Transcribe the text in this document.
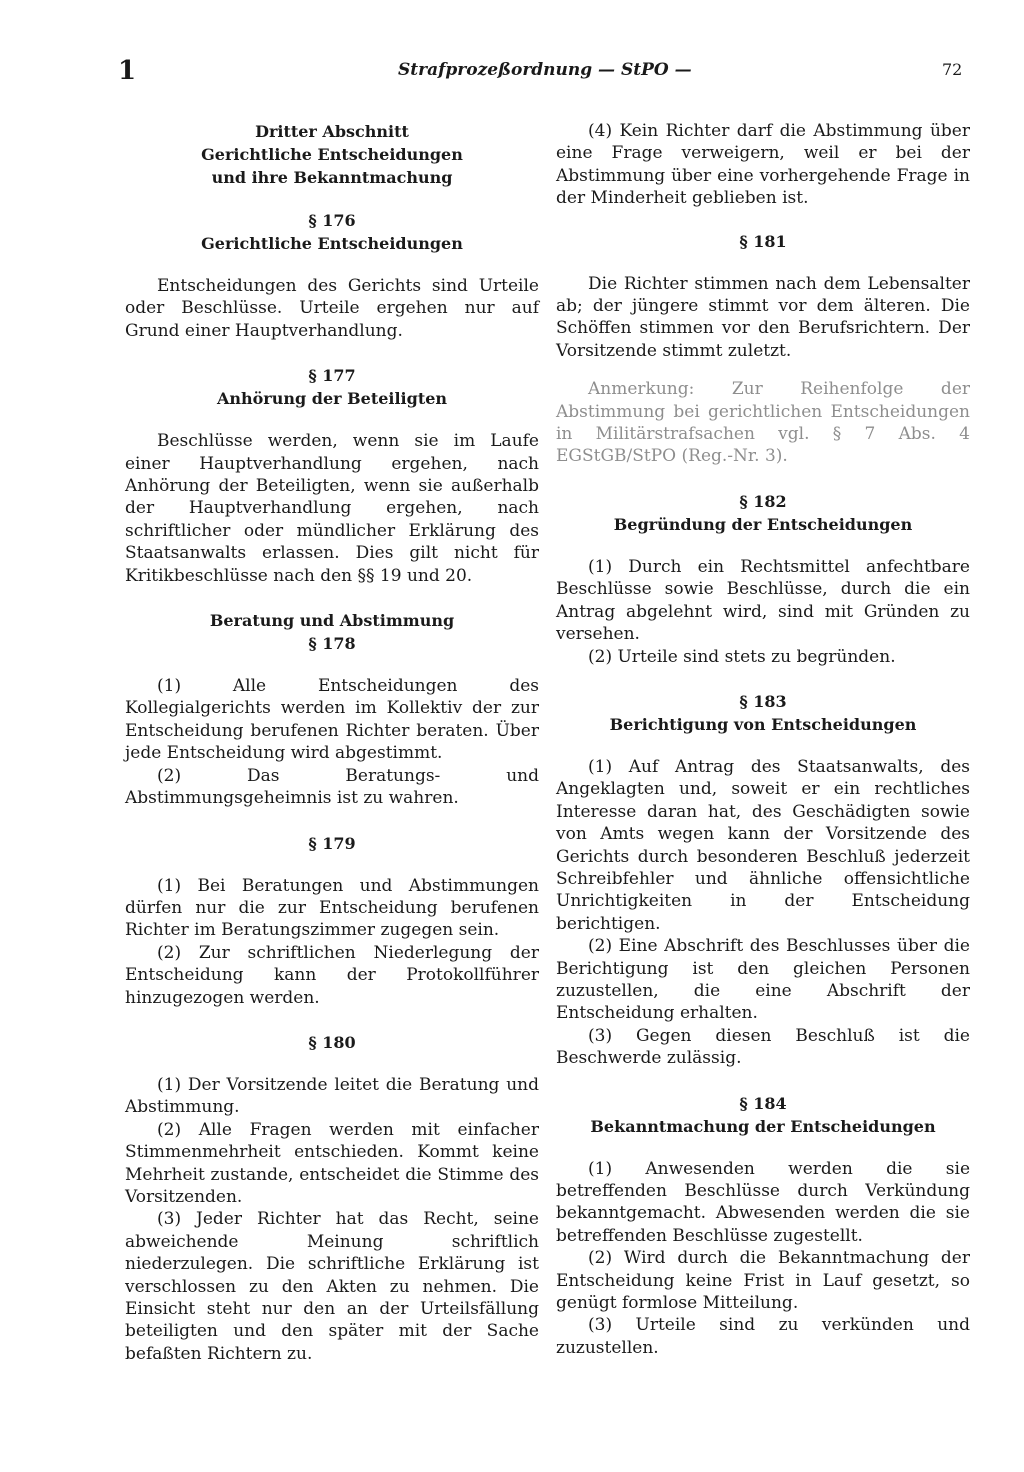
1	Strafprozeßordnung — StPO —	72
Dritter Abschnitt
Gerichtliche Entscheidungen
und ihre Bekanntmachung
§ 176
Gerichtliche Entscheidungen

Entscheidungen des Gerichts sind Urteile oder Beschlüsse. Urteile ergehen nur auf Grund einer Hauptverhandlung.

§ 177
Anhörung der Beteiligten

Beschlüsse werden, wenn sie im Laufe einer Hauptverhandlung ergehen, nach Anhörung der Beteiligten, wenn sie außerhalb der Hauptverhandlung ergehen, nach schriftlicher oder mündlicher Erklärung des Staatsanwalts erlassen. Dies gilt nicht für Kritikbeschlüsse nach den §§ 19 und 20.

Beratung und Abstimmung
§ 178

(1) Alle Entscheidungen des Kollegialgerichts werden im Kollektiv der zur Entscheidung berufenen Richter beraten. Über jede Entscheidung wird abgestimmt.

(2) Das Beratungs- und Abstimmungsgeheimnis ist zu wahren.

§ 179

(1) Bei Beratungen und Abstimmungen dürfen nur die zur Entscheidung berufenen Richter im Beratungszimmer zugegen sein.

(2) Zur schriftlichen Niederlegung der Entscheidung kann der Protokollführer hinzugezogen werden.

§ 180

(1) Der Vorsitzende leitet die Beratung und Abstimmung.

(2) Alle Fragen werden mit einfacher Stimmenmehrheit entschieden. Kommt keine Mehrheit zustande, entscheidet die Stimme des Vorsitzenden.

(3) Jeder Richter hat das Recht, seine abweichende Meinung schriftlich niederzulegen. Die schriftliche Erklärung ist verschlossen zu den Akten zu nehmen. Die Einsicht steht nur den an der Urteilsfällung beteiligten und den später mit der Sache befaßten Richtern zu.

(4) Kein Richter darf die Abstimmung über eine Frage verweigern, weil er bei der Abstimmung über eine vorhergehende Frage in der Minderheit geblieben ist.

§ 181

Die Richter stimmen nach dem Lebensalter ab; der jüngere stimmt vor dem älteren. Die Schöffen stimmen vor den Berufsrichtern. Der Vorsitzende stimmt zuletzt.

Anmerkung: Zur Reihenfolge der Abstimmung bei gerichtlichen Entscheidungen in Militärstrafsachen vgl. § 7 Abs. 4 EGStGB/StPO (Reg.-Nr. 3).

§ 182
Begründung der Entscheidungen

(1) Durch ein Rechtsmittel anfechtbare Beschlüsse sowie Beschlüsse, durch die ein Antrag abgelehnt wird, sind mit Gründen zu versehen.

(2) Urteile sind stets zu begründen.

§ 183
Berichtigung von Entscheidungen

(1) Auf Antrag des Staatsanwalts, des Angeklagten und, soweit er ein rechtliches Interesse daran hat, des Geschädigten sowie von Amts wegen kann der Vorsitzende des Gerichts durch besonderen Beschluß jederzeit Schreibfehler und ähnliche offensichtliche Unrichtigkeiten in der Entscheidung berichtigen.

(2) Eine Abschrift des Beschlusses über die Berichtigung ist den gleichen Personen zuzustellen, die eine Abschrift der Entscheidung erhalten.

(3) Gegen diesen Beschluß ist die Beschwerde zulässig.

§ 184
Bekanntmachung der Entscheidungen

(1) Anwesenden werden die sie betreffenden Beschlüsse durch Verkündung bekanntgemacht. Abwesenden werden die sie betreffenden Beschlüsse zugestellt.

(2) Wird durch die Bekanntmachung der Entscheidung keine Frist in Lauf gesetzt, so genügt formlose Mitteilung.

(3) Urteile sind zu verkünden und zuzustellen.
